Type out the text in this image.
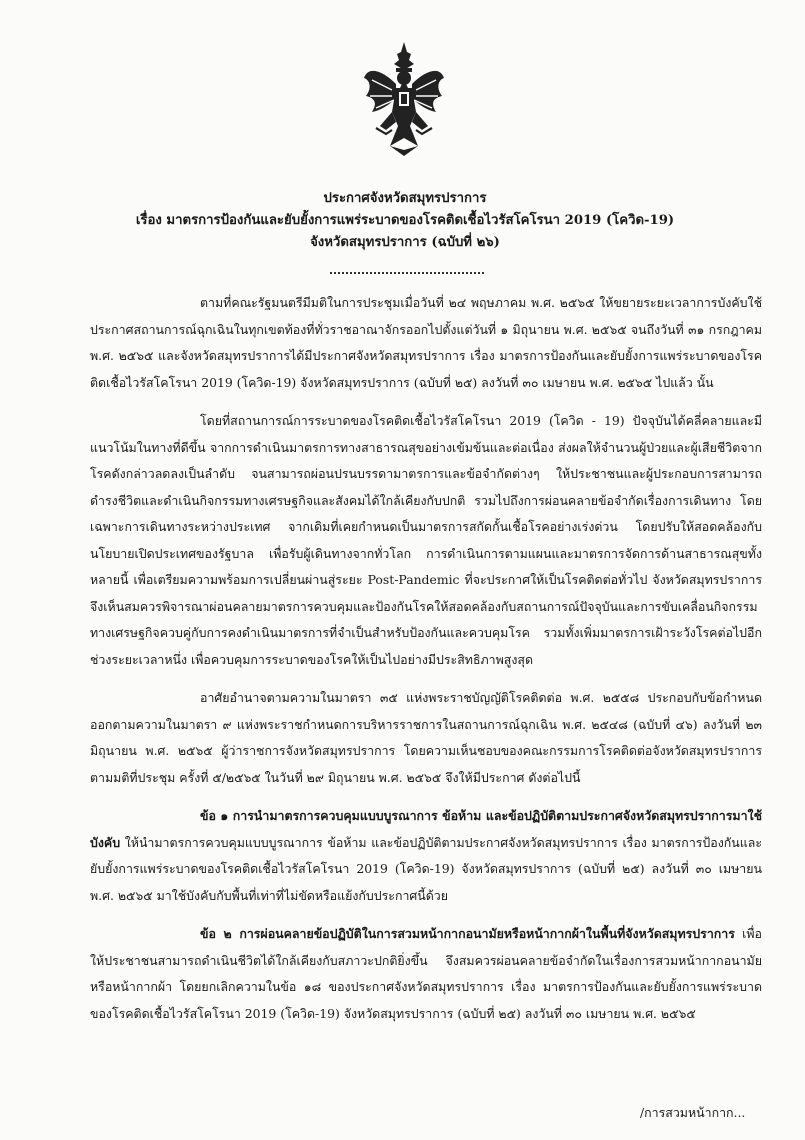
ประกาศจังหวัดสมุทรปราการ
เรื่อง มาตรการป้องกันและยับยั้งการแพร่ระบาดของโรคติดเชื้อไวรัสโคโรนา 2019 (โควิด-19)
จังหวัดสมุทรปราการ (ฉบับที่ ๒๖)

ตามที่คณะรัฐมนตรีมีมติในการประชุมเมื่อวันที่ ๒๔ พฤษภาคม พ.ศ. ๒๕๖๕ ให้ขยายระยะเวลาการบังคับใช้ประกาศสถานการณ์ฉุกเฉินในทุกเขตท้องที่ทั่วราชอาณาจักรออกไปตั้งแต่วันที่ ๑ มิถุนายน พ.ศ. ๒๕๖๕ จนถึงวันที่ ๓๑ กรกฎาคม พ.ศ. ๒๕๖๕ และจังหวัดสมุทรปราการได้มีประกาศจังหวัดสมุทรปราการ เรื่อง มาตรการป้องกันและยับยั้งการแพร่ระบาดของโรคติดเชื้อไวรัสโคโรนา 2019 (โควิด-19) จังหวัดสมุทรปราการ (ฉบับที่ ๒๕) ลงวันที่ ๓๐ เมษายน พ.ศ. ๒๕๖๕ ไปแล้ว นั้น

โดยที่สถานการณ์การระบาดของโรคติดเชื้อไวรัสโคโรนา 2019 (โควิด - 19) ปัจจุบันได้คลี่คลายและมีแนวโน้มในทางที่ดีขึ้น จากการดำเนินมาตรการทางสาธารณสุขอย่างเข้มข้นและต่อเนื่อง ส่งผลให้จำนวนผู้ป่วยและผู้เสียชีวิตจากโรคดังกล่าวลดลงเป็นลำดับ จนสามารถผ่อนปรนบรรดามาตรการและข้อจำกัดต่างๆ ให้ประชาชนและผู้ประกอบการสามารถดำรงชีวิตและดำเนินกิจกรรมทางเศรษฐกิจและสังคมได้ใกล้เคียงกับปกติ รวมไปถึงการผ่อนคลายข้อจำกัดเรื่องการเดินทาง โดยเฉพาะการเดินทางระหว่างประเทศ จากเดิมที่เคยกำหนดเป็นมาตรการสกัดกั้นเชื้อโรคอย่างเร่งด่วน โดยปรับให้สอดคล้องกับนโยบายเปิดประเทศของรัฐบาล เพื่อรับผู้เดินทางจากทั่วโลก การดำเนินการตามแผนและมาตรการจัดการด้านสาธารณสุขทั้งหลายนี้ เพื่อเตรียมความพร้อมการเปลี่ยนผ่านสู่ระยะ Post-Pandemic ที่จะประกาศให้เป็นโรคติดต่อทั่วไป จังหวัดสมุทรปราการจึงเห็นสมควรพิจารณาผ่อนคลายมาตรการควบคุมและป้องกันโรคให้สอดคล้องกับสถานการณ์ปัจจุบันและการขับเคลื่อนกิจกรรมทางเศรษฐกิจควบคู่กับการคงดำเนินมาตรการที่จำเป็นสำหรับป้องกันและควบคุมโรค รวมทั้งเพิ่มมาตรการเฝ้าระวังโรคต่อไปอีกช่วงระยะเวลาหนึ่ง เพื่อควบคุมการระบาดของโรคให้เป็นไปอย่างมีประสิทธิภาพสูงสุด

อาศัยอำนาจตามความในมาตรา ๓๕ แห่งพระราชบัญญัติโรคติดต่อ พ.ศ. ๒๕๕๘ ประกอบกับข้อกำหนดออกตามความในมาตรา ๙ แห่งพระราชกำหนดการบริหารราชการในสถานการณ์ฉุกเฉิน พ.ศ. ๒๕๔๘ (ฉบับที่ ๔๖) ลงวันที่ ๒๓ มิถุนายน พ.ศ. ๒๕๖๕ ผู้ว่าราชการจังหวัดสมุทรปราการ โดยความเห็นชอบของคณะกรรมการโรคติดต่อจังหวัดสมุทรปราการ ตามมติที่ประชุม ครั้งที่ ๕/๒๕๖๕ ในวันที่ ๒๙ มิถุนายน พ.ศ. ๒๕๖๕ จึงให้มีประกาศ ดังต่อไปนี้

ข้อ ๑ การนำมาตรการควบคุมแบบบูรณาการ ข้อห้าม และข้อปฏิบัติตามประกาศจังหวัดสมุทรปราการมาใช้บังคับ ให้นำมาตรการควบคุมแบบบูรณาการ ข้อห้าม และข้อปฏิบัติตามประกาศจังหวัดสมุทรปราการ เรื่อง มาตรการป้องกันและยับยั้งการแพร่ระบาดของโรคติดเชื้อไวรัสโคโรนา 2019 (โควิด-19) จังหวัดสมุทรปราการ (ฉบับที่ ๒๕) ลงวันที่ ๓๐ เมษายน พ.ศ. ๒๕๖๕ มาใช้บังคับกับพื้นที่เท่าที่ไม่ขัดหรือแย้งกับประกาศนี้ด้วย

ข้อ ๒ การผ่อนคลายข้อปฏิบัติในการสวมหน้ากากอนามัยหรือหน้ากากผ้าในพื้นที่จังหวัดสมุทรปราการ เพื่อให้ประชาชนสามารถดำเนินชีวิตได้ใกล้เคียงกับสภาวะปกติยิ่งขึ้น จึงสมควรผ่อนคลายข้อจำกัดในเรื่องการสวมหน้ากากอนามัยหรือหน้ากากผ้า โดยยกเลิกความในข้อ ๑๘ ของประกาศจังหวัดสมุทรปราการ เรื่อง มาตรการป้องกันและยับยั้งการแพร่ระบาดของโรคติดเชื้อไวรัสโคโรนา 2019 (โควิด-19) จังหวัดสมุทรปราการ (ฉบับที่ ๒๕) ลงวันที่ ๓๐ เมษายน พ.ศ. ๒๕๖๕

/การสวมหน้ากาก...
